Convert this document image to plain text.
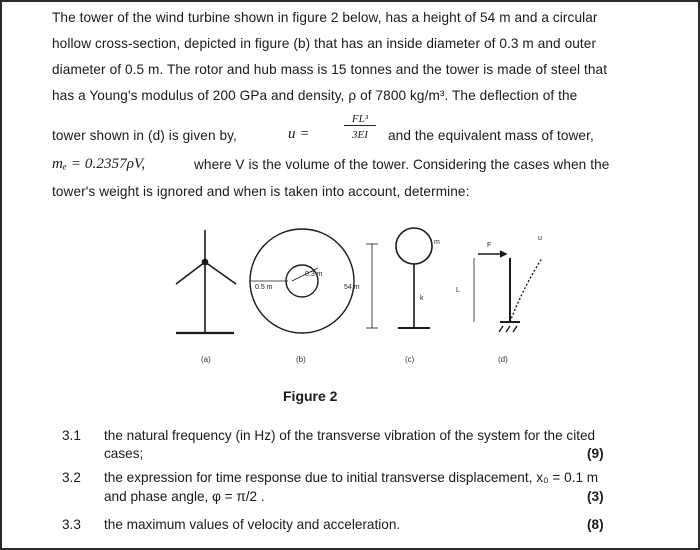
The tower of the wind turbine shown in figure 2 below, has a height of 54 m and a circular
hollow cross-section, depicted in figure (b) that has an inside diameter of 0.3 m and outer
diameter of 0.5 m. The rotor and hub mass is 15 tonnes and the tower is made of steel that
has a Young's modulus of 200 GPa and density, ρ of 7800 kg/m³. The deflection of the
tower shown in (d) is given by,	u =
FL³
3EI	and the equivalent mass of tower,
mₑ = 0.2357ρV,	where V is the volume of the tower. Considering the cases when the
tower's weight is ignored and when is taken into account, determine:
0.5 m
0.3 m
54 m
m
k
F
u
L
(a)	(b)	(c)	(d)
Figure 2
3.1 the natural frequency (in Hz) of the transverse vibration of the system for the cited
cases;	(9)
3.2 the expression for time response due to initial transverse displacement, x₀ = 0.1 m
and phase angle, φ = π/2 .	(3)
3.3 the maximum values of velocity and acceleration.	(8)
